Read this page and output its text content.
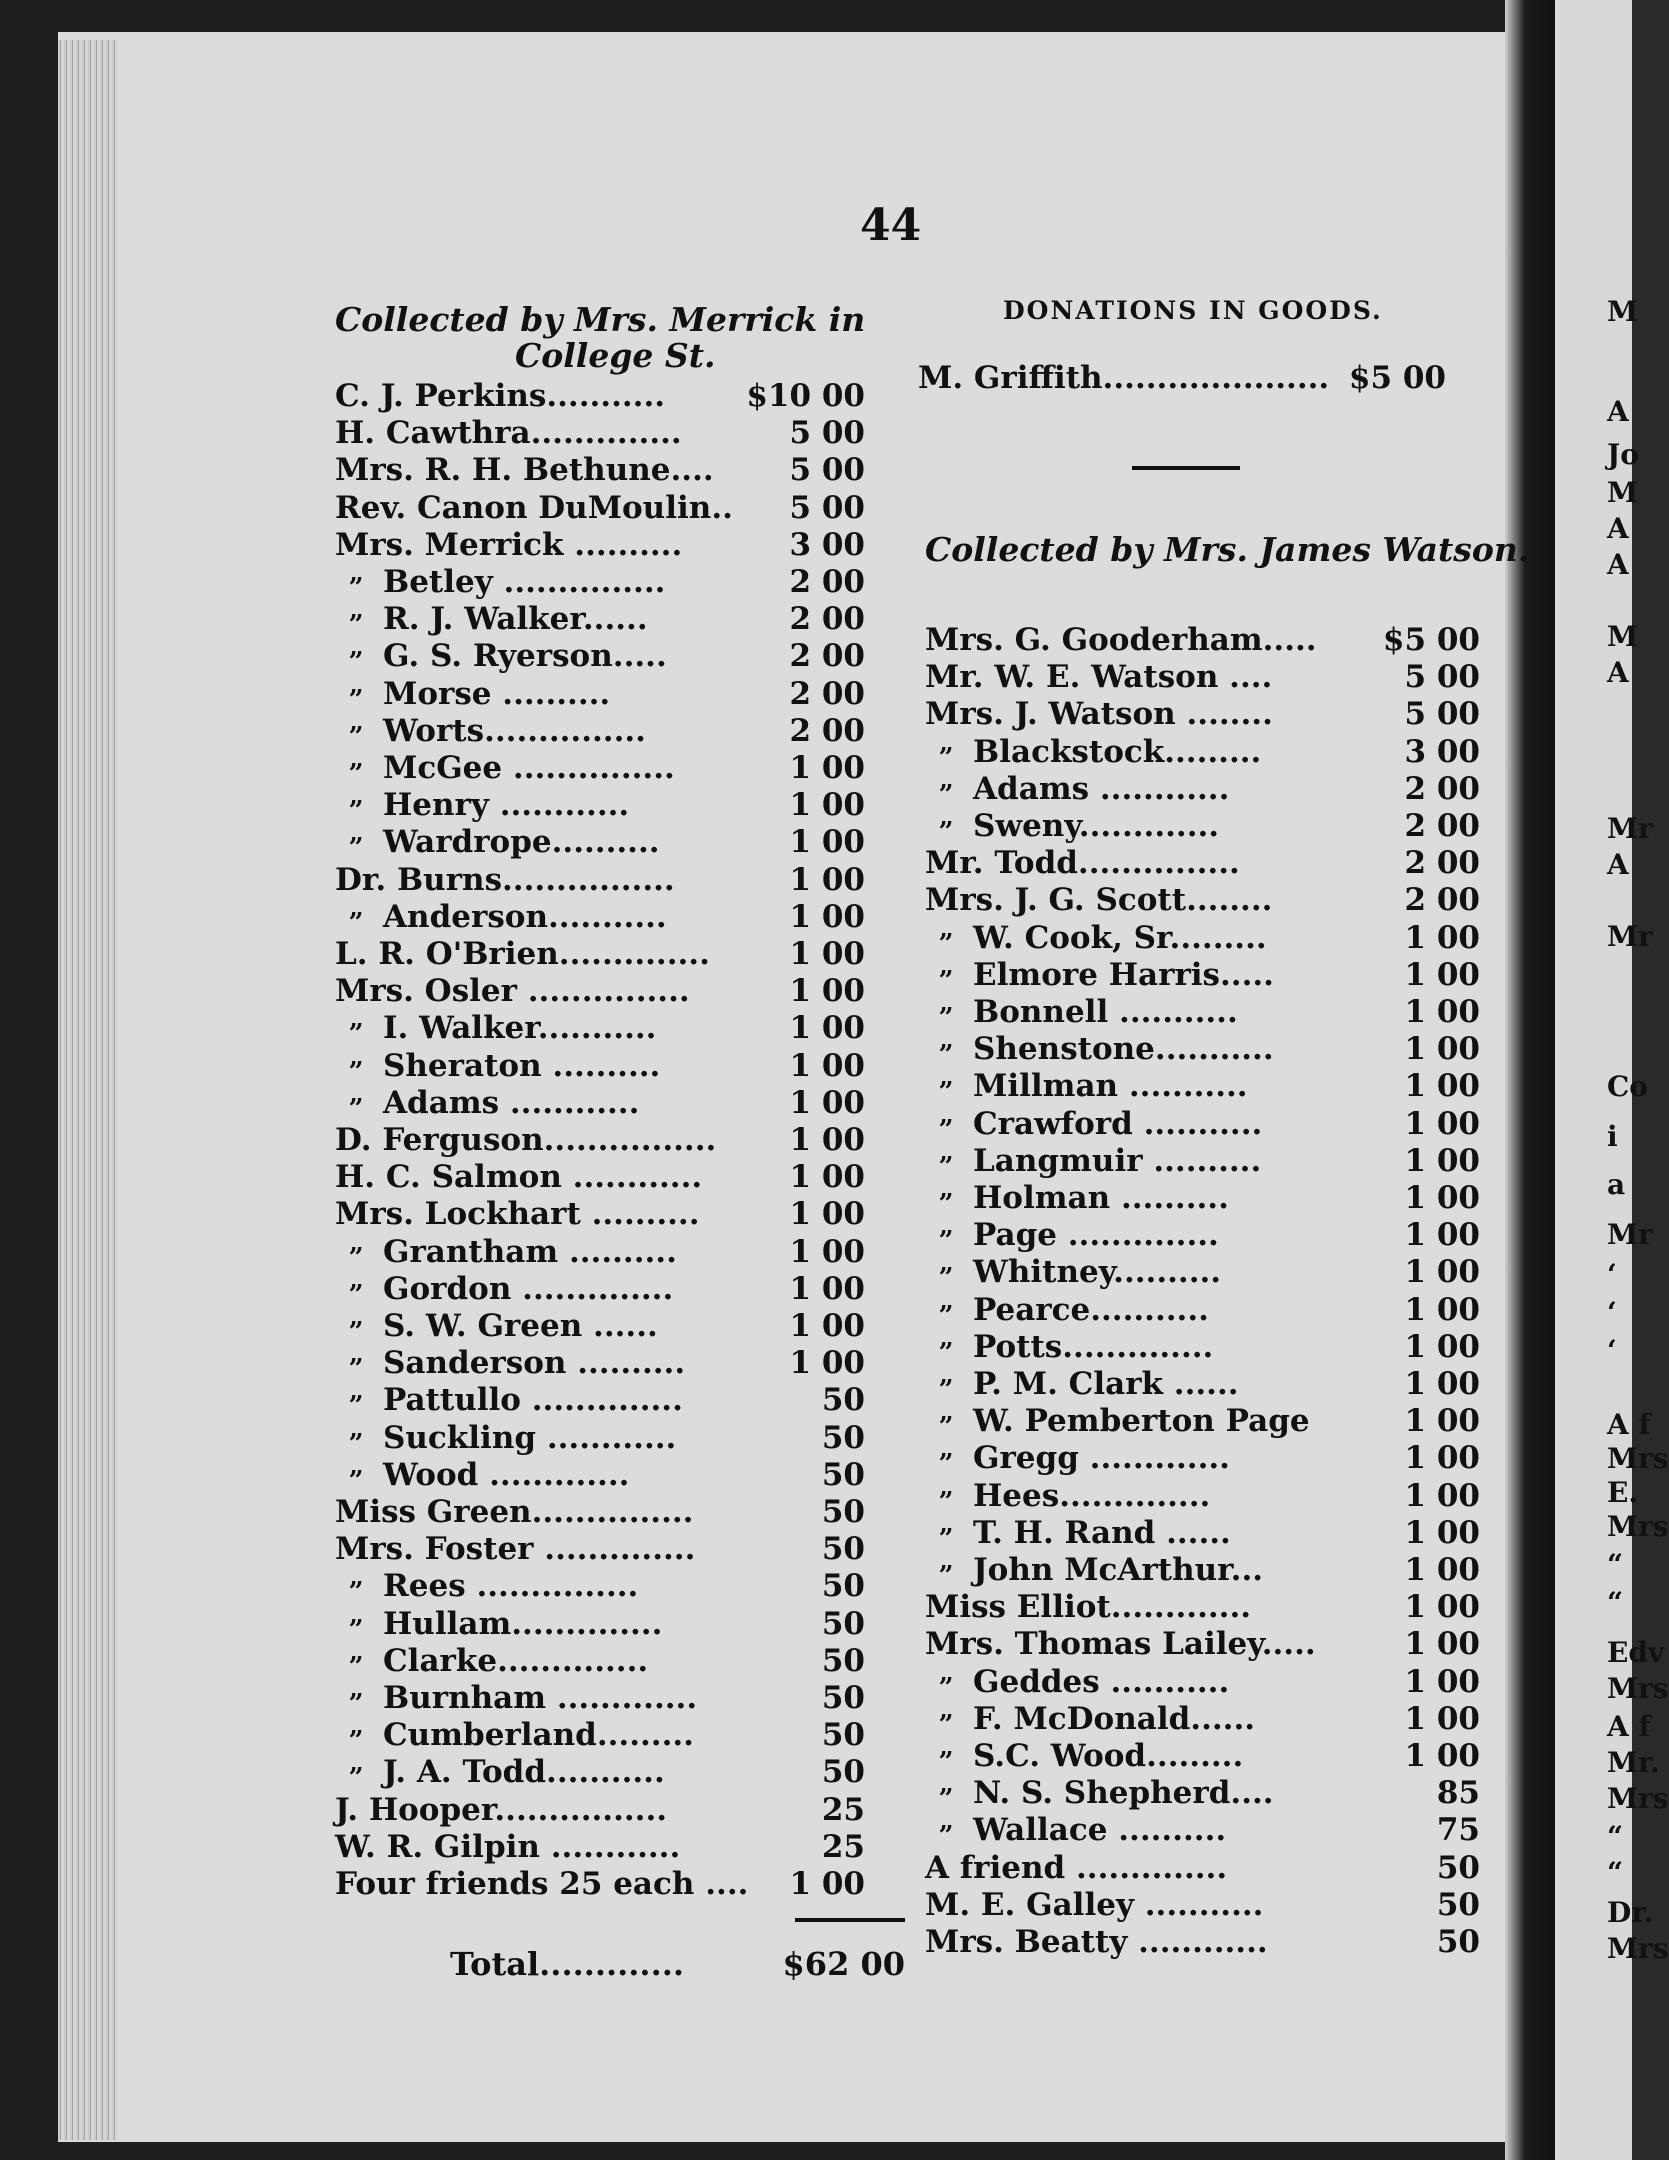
M
A
Jo
M
A
A
M
A
Mr
A
Mr
Co
i
a
Mr
‘
‘
‘
A f
Mrs
E.
Mrs
“
“
Edv
Mrs
A f
Mr.
Mrs
“
“
Dr.
Mrs
44
Collected by Mrs. Merrick in
College St.
C. J. Perkins...........	$10 00
H. Cawthra..............	5 00
Mrs. R. H. Bethune....	5 00
Rev. Canon DuMoulin..	5 00
Mrs. Merrick ..........	3 00
„ Betley ...............	2 00
„ R. J. Walker......	2 00
„ G. S. Ryerson.....	2 00
„ Morse ..........	2 00
„ Worts...............	2 00
„ McGee ...............	1 00
„ Henry ............	1 00
„ Wardrope..........	1 00
Dr. Burns................	1 00
„ Anderson...........	1 00
L. R. O'Brien..............	1 00
Mrs. Osler ...............	1 00
„ I. Walker...........	1 00
„ Sheraton ..........	1 00
„ Adams ............	1 00
D. Ferguson................	1 00
H. C. Salmon ............	1 00
Mrs. Lockhart ..........	1 00
„ Grantham ..........	1 00
„ Gordon ..............	1 00
„ S. W. Green ......	1 00
„ Sanderson ..........	1 00
„ Pattullo ..............	50
„ Suckling ............	50
„ Wood .............	50
Miss Green...............	50
Mrs. Foster ..............	50
„ Rees ...............	50
„ Hullam..............	50
„ Clarke..............	50
„ Burnham .............	50
„ Cumberland.........	50
„ J. A. Todd...........	50
J. Hooper................	25
W. R. Gilpin ............	25
Four friends 25 each .... 1 00
Total.............	$62 00
DONATIONS IN GOODS.
M. Griffith..................... $5 00
Collected by Mrs. James Watson.
Mrs. G. Gooderham.....	$5 00
Mr. W. E. Watson ....	5 00
Mrs. J. Watson ........	5 00
„ Blackstock.........	3 00
„ Adams ............	2 00
„ Sweny.............	2 00
Mr. Todd...............	2 00
Mrs. J. G. Scott........	2 00
„ W. Cook, Sr.........	1 00
„ Elmore Harris.....	1 00
„ Bonnell ...........	1 00
„ Shenstone...........	1 00
„ Millman ...........	1 00
„ Crawford ...........	1 00
„ Langmuir ..........	1 00
„ Holman ..........	1 00
„ Page ..............	1 00
„ Whitney..........	1 00
„ Pearce...........	1 00
„ Potts..............	1 00
„ P. M. Clark ......	1 00
„ W. Pemberton Page	1 00
„ Gregg .............	1 00
„ Hees..............	1 00
„ T. H. Rand ......	1 00
„ John McArthur...	1 00
Miss Elliot.............	1 00
Mrs. Thomas Lailey.....	1 00
„ Geddes ...........	1 00
„ F. McDonald......	1 00
„ S.C. Wood.........	1 00
„ N. S. Shepherd....	85
„ Wallace ..........	75
A friend ..............	50
M. E. Galley ...........	50
Mrs. Beatty ............	50
